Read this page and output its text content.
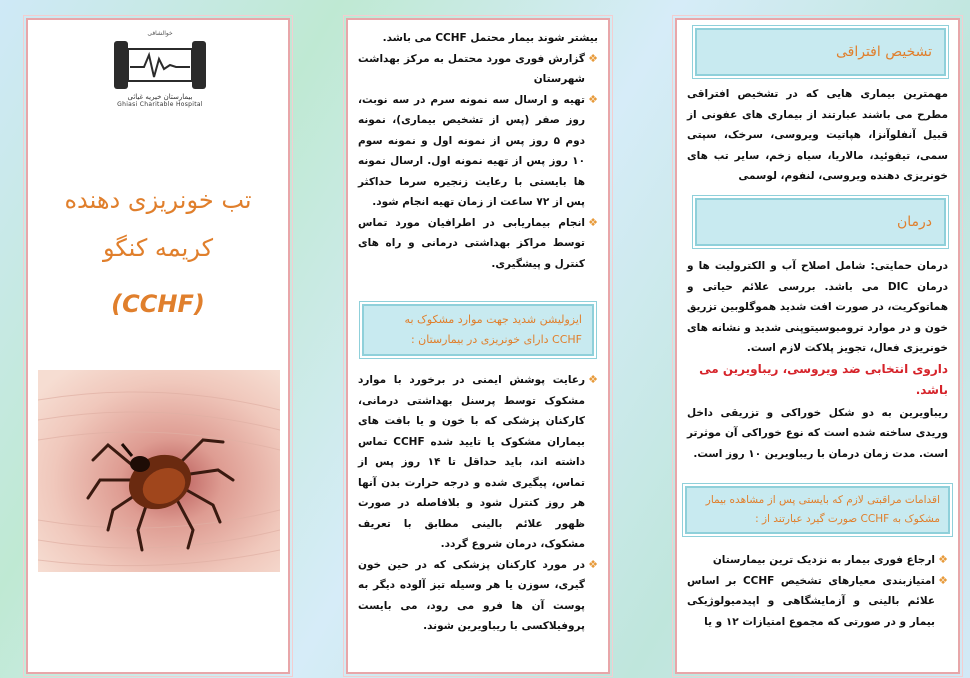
خوالشافی
بیمارستان خیریه غیاثی
Ghiasi Charitable Hospital
تب خونریزی دهنده
کریمه کنگو
(CCHF)

بیشتر شوند بیمار محتمل CCHF می باشد.

❖
گزارش فوری مورد محتمل به مرکز بهداشت شهرستان
❖
تهیه و ارسال سه نمونه سرم در سه نوبت، روز صفر (پس از تشخیص بیماری)، نمونه دوم ۵ روز پس از نمونه اول و نمونه سوم ۱۰ روز پس از تهیه نمونه اول. ارسال نمونه ها بایستی با رعایت زنجیره سرما حداکثر پس از ۷۲ ساعت از زمان تهیه انجام شود.
❖
انجام بیماریابی در اطرافیان مورد تماس توسط مراکز بهداشتی درمانی و راه های کنترل و پیشگیری.
ایزولیشن شدید جهت موارد مشکوک به CCHF دارای خونریزی در بیمارستان :
❖
رعایت پوشش ایمنی در برخورد با موارد مشکوک توسط پرسنل بهداشتی درمانی، کارکنان پزشکی که با خون و یا بافت های بیماران مشکوک یا تایید شده CCHF تماس داشته اند، باید حداقل تا ۱۴ روز پس از تماس، پیگیری شده و درجه حرارت بدن آنها هر روز کنترل شود و بلافاصله در صورت ظهور علائم بالینی مطابق با تعریف مشکوک، درمان شروع گردد.
❖
در مورد کارکنان پزشکی که در حین خون گیری، سوزن یا هر وسیله تیز آلوده دیگر به پوست آن ها فرو می رود، می بایست پروفیلاکسی با ریباویرین شوند.
تشخیص افتراقی

مهمترین بیماری هایی که در تشخیص افتراقی مطرح می باشند عبارتند از بیماری های عفونی از قبیل آنفلوآنزا، هپاتیت ویروسی، سرخک، سپتی سمی، تیفوئید، مالاریا، سیاه زخم، سایر تب های خونریزی دهنده ویروسی، لنفوم، لوسمی

درمان

درمان حمایتی: شامل اصلاح آب و الکترولیت ها و درمان DIC می باشد. بررسی علائم حیاتی و هماتوکریت، در صورت افت شدید هموگلوبین تزریق خون و در موارد ترومبوسیتوپنی شدید و نشانه های خونریزی فعال، تجویز پلاکت لازم است.

داروی انتخابی ضد ویروسی، ریباویرین می باشد.

ریباویرین به دو شکل خوراکی و تزریقی داخل وریدی ساخته شده است که نوع خوراکی آن موثرتر است. مدت زمان درمان با ریباویرین ۱۰ روز است.

اقدامات مراقبتی لازم که بایستی پس از مشاهده بیمار مشکوک به CCHF صورت گیرد عبارتند از :
❖
ارجاع فوری بیمار به نزدیک ترین بیمارستان
❖
امتیازبندی معیارهای تشخیص CCHF بر اساس علائم بالینی و آزمایشگاهی و اپیدمیولوژیکی بیمار و در صورتی که مجموع امتیازات ۱۲ و یا
